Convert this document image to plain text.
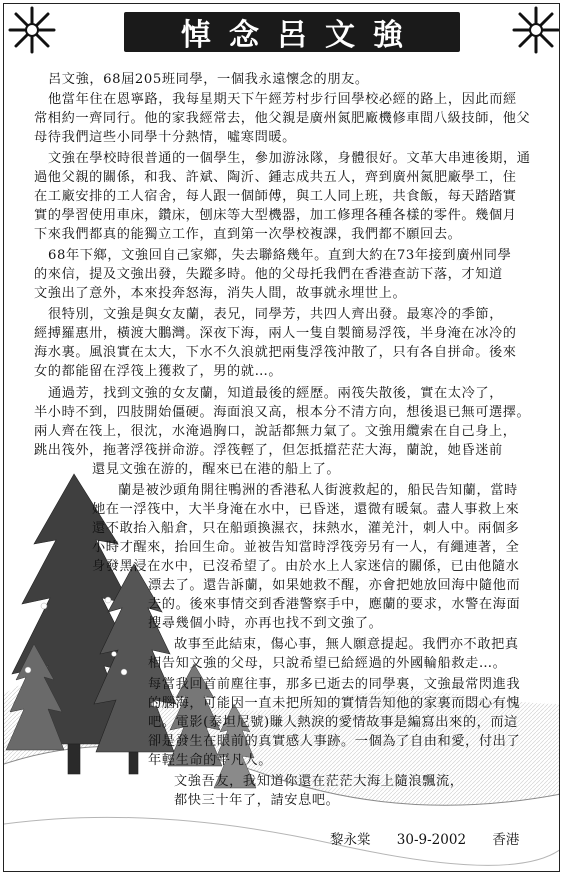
悼念呂文強
呂文強，68屆205班同學，一個我永遠懷念的朋友。
他當年住在恩寧路，我每星期天下午經芳村步行回學校必經的路上，因此而經
常相約一齊同行。他的家我經常去，他父親是廣州氮肥廠機修車間八級技師，他父
母待我們這些小同學十分熱情，噓寒問暖。
文強在學校時很普通的一個學生，參加游泳隊，身體很好。文革大串連後期，通
過他父親的關係，和我、許斌、陶沂、鍾志成共五人，齊到廣州氮肥廠學工，住
在工廠安排的工人宿舍，每人跟一個師傅，與工人同上班，共食飯，每天踏踏實
實的學習使用車床，鑽床，刨床等大型機器，加工修理各種各樣的零件。幾個月
下來我們都真的能獨立工作，直到第一次學校複課，我們都不願回去。
68年下鄉，文強回自己家鄉，失去聯絡幾年。直到大約在73年接到廣州同學
的來信，提及文強出發，失蹤多時。他的父母托我們在香港查訪下落，才知道
文強出了意外，本來投奔怒海，消失人間，故事就永埋世上。
很特別，文強是與女友蘭，表兄，同學芳，共四人齊出發。最寒冷的季節，
經搏羅惠卅，橫渡大鵬灣。深夜下海，兩人一隻自製簡易浮筏，半身淹在冰冷的
海水裏。風浪實在太大，下水不久浪就把兩隻浮筏沖散了，只有各自拼命。後來
女的都能留在浮筏上獲救了，男的就…。
通過芳，找到文強的女友蘭，知道最後的經歷。兩筏失散後，實在太冷了，
半小時不到，四肢開始僵硬。海面浪又高，根本分不清方向，想後退已無可選擇。
兩人齊在筏上，很沈，水淹過胸口，說話都無力氣了。文強用纜索在自己身上，
跳出筏外，拖著浮筏拼命游。浮筏輕了，但怎抵擋茫茫大海，蘭說，她昏迷前
還見文強在游的，醒來已在港的船上了。
蘭是被沙頭角開往鴨洲的香港私人街渡救起的，船民告知蘭，當時
她在一浮筏中，大半身淹在水中，已昏迷，還微有暖氣。盡人事救上來
還不敢抬入船倉，只在船頭換濕衣，抹熱水，灌羌汁，刺人中。兩個多
小時才醒來，抬回生命。並被告知當時浮筏旁另有一人，有繩連著，全
身發黑浸在水中，已沒希望了。由於水上人家迷信的關係，已由他隨水
漂去了。還告訴蘭，如果她救不醒，亦會把她放回海中隨他而
去的。後來事情交到香港警察手中，應蘭的要求，水警在海面
搜尋幾個小時，亦再也找不到文強了。
故事至此結束，傷心事，無人願意提起。我們亦不敢把真
相告知文強的父母，只說希望已給經過的外國輪船救走…。
每當我回首前塵往事，那多已逝去的同學裏，文強最常閃進我
的腦海，可能因一直未把所知的實情告知他的家裏而悶心有愧
吧。電影(泰坦尼號)賺人熱淚的愛情故事是編寫出來的，而這
卻是發生在眼前的真實感人事跡。一個為了自由和愛，付出了
年輕生命的平凡人。
文強吾友，我知道你還在茫茫大海上隨浪飄流，
都快三十年了，請安息吧。
黎永棠 30-9-2002 香港
